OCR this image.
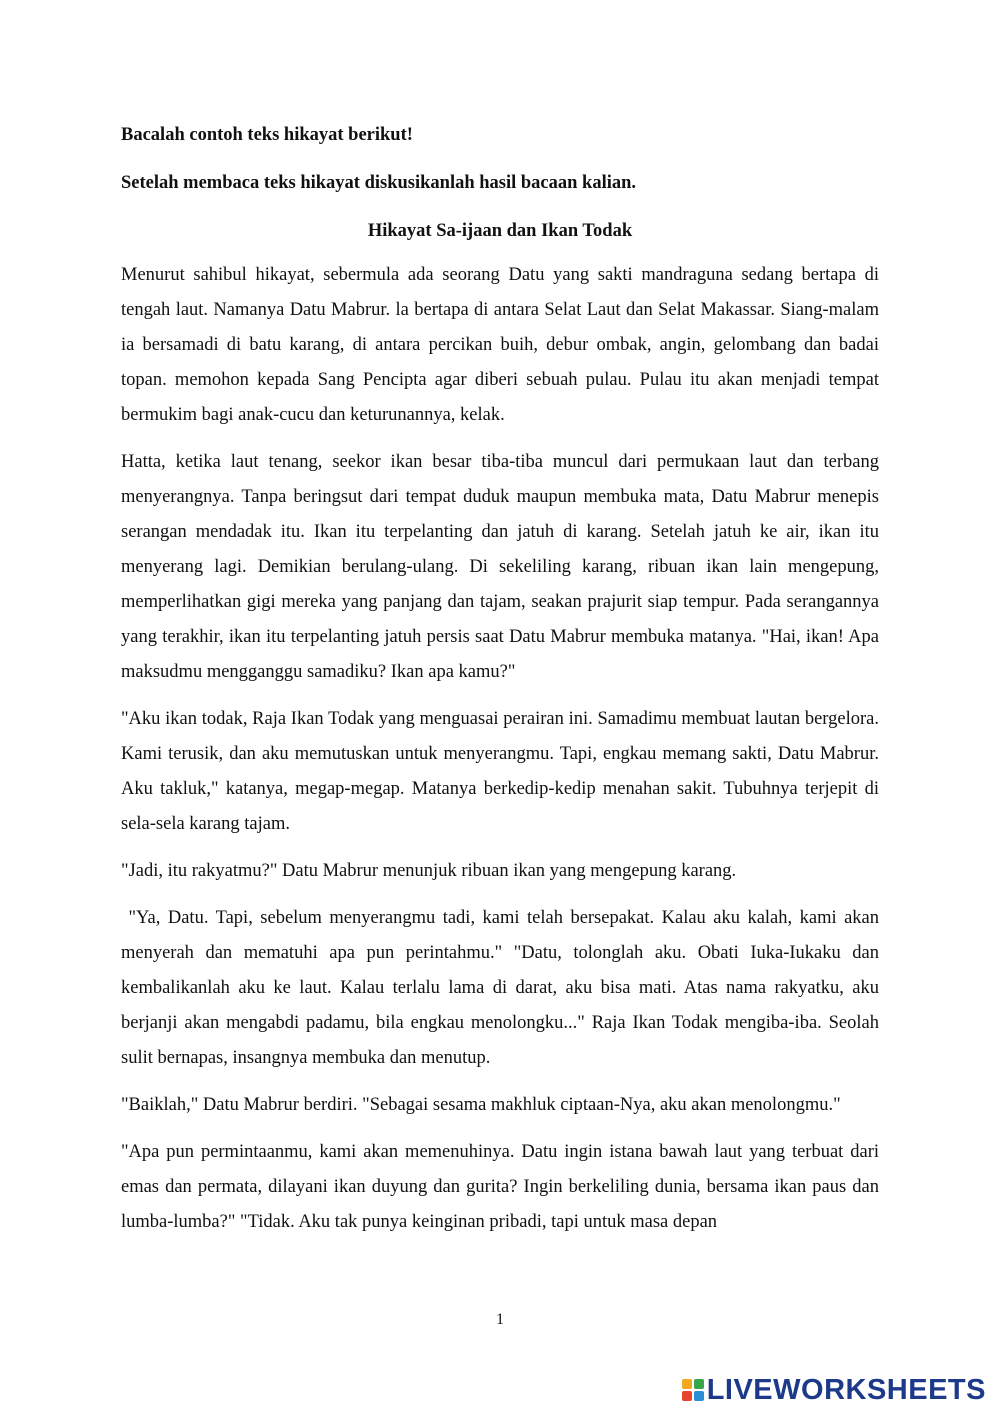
Bacalah contoh teks hikayat berikut!

Setelah membaca teks hikayat diskusikanlah hasil bacaan kalian.

Hikayat Sa-ijaan dan Ikan Todak

Menurut sahibul hikayat, sebermula ada seorang Datu yang sakti mandraguna sedang bertapa di tengah laut. Namanya Datu Mabrur. la bertapa di antara Selat Laut dan Selat Makassar. Siang-malam ia bersamadi di batu karang, di antara percikan buih, debur ombak, angin, gelombang dan badai topan. memohon kepada Sang Pencipta agar diberi sebuah pulau. Pulau itu akan menjadi tempat bermukim bagi anak-cucu dan keturunannya, kelak.

Hatta, ketika laut tenang, seekor ikan besar tiba-tiba muncul dari permukaan laut dan terbang menyerangnya. Tanpa beringsut dari tempat duduk maupun membuka mata, Datu Mabrur menepis serangan mendadak itu. Ikan itu terpelanting dan jatuh di karang. Setelah jatuh ke air, ikan itu menyerang lagi. Demikian berulang-ulang. Di sekeliling karang, ribuan ikan lain mengepung, memperlihatkan gigi mereka yang panjang dan tajam, seakan prajurit siap tempur. Pada serangannya yang terakhir, ikan itu terpelanting jatuh persis saat Datu Mabrur membuka matanya. "Hai, ikan! Apa maksudmu mengganggu samadiku? Ikan apa kamu?"

"Aku ikan todak, Raja Ikan Todak yang menguasai perairan ini. Samadimu membuat lautan bergelora. Kami terusik, dan aku memutuskan untuk menyerangmu. Tapi, engkau memang sakti, Datu Mabrur. Aku takluk," katanya, megap-megap. Matanya berkedip-kedip menahan sakit. Tubuhnya terjepit di sela-sela karang tajam.

"Jadi, itu rakyatmu?" Datu Mabrur menunjuk ribuan ikan yang mengepung karang.

"Ya, Datu. Tapi, sebelum menyerangmu tadi, kami telah bersepakat. Kalau aku kalah, kami akan menyerah dan mematuhi apa pun perintahmu." "Datu, tolonglah aku. Obati Iuka-Iukaku dan kembalikanlah aku ke laut. Kalau terlalu lama di darat, aku bisa mati. Atas nama rakyatku, aku berjanji akan mengabdi padamu, bila engkau menolongku..." Raja Ikan Todak mengiba-iba. Seolah sulit bernapas, insangnya membuka dan menutup.

"Baiklah," Datu Mabrur berdiri. "Sebagai sesama makhluk ciptaan-Nya, aku akan menolongmu."

"Apa pun permintaanmu, kami akan memenuhinya. Datu ingin istana bawah laut yang terbuat dari emas dan permata, dilayani ikan duyung dan gurita? Ingin berkeliling dunia, bersama ikan paus dan lumba-lumba?" "Tidak. Aku tak punya keinginan pribadi, tapi untuk masa depan

1
LIVEWORKSHEETS
